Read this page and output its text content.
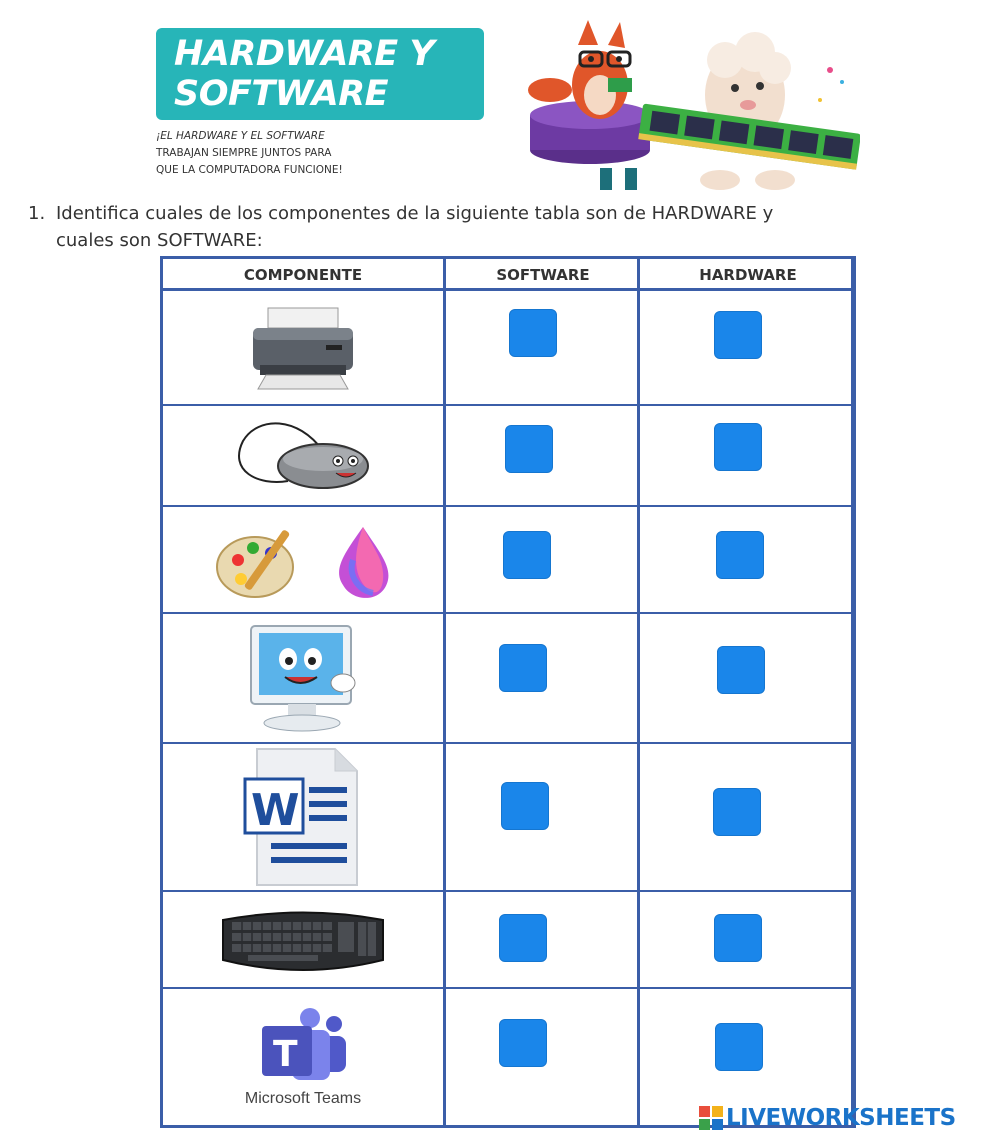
HARDWARE Y
SOFTWARE
¡EL HARDWARE Y EL SOFTWARE
TRABAJAN SIEMPRE JUNTOS PARA
QUE LA COMPUTADORA FUNCIONE!
1. Identifica cuales de los componentes de la siguiente tabla son de HARDWARE y
cuales son SOFTWARE:
COMPONENTE	SOFTWARE	HARDWARE
W
T
Microsoft Teams
LIVEWORKSHEETS
